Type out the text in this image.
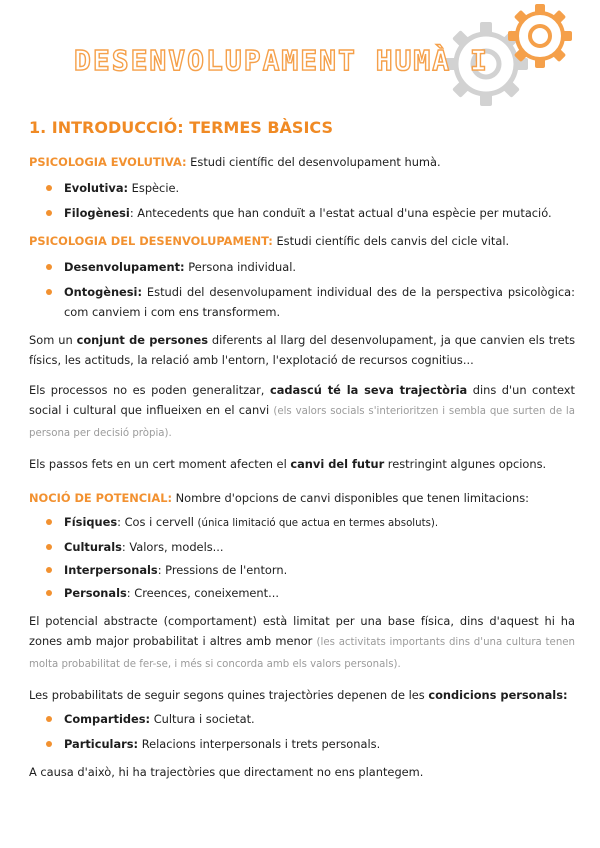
DESENVOLUPAMENT HUMÀ I
1. INTRODUCCIÓ: TERMES BÀSICS

PSICOLOGIA EVOLUTIVA: Estudi científic del desenvolupament humà.

Evolutiva: Espècie.
Filogènesi: Antecedents que han conduït a l'estat actual d'una espècie per mutació.

PSICOLOGIA DEL DESENVOLUPAMENT: Estudi científic dels canvis del cicle vital.

Desenvolupament: Persona individual.
Ontogènesi: Estudi del desenvolupament individual des de la perspectiva psicològica: com canviem i com ens transformem.

Som un conjunt de persones diferents al llarg del desenvolupament, ja que canvien els trets físics, les actituds, la relació amb l'entorn, l'explotació de recursos cognitius...

Els processos no es poden generalitzar, cadascú té la seva trajectòria dins d'un context social i cultural que influeixen en el canvi (els valors socials s'interioritzen i sembla que surten de la persona per decisió pròpia).

Els passos fets en un cert moment afecten el canvi del futur restringint algunes opcions.

NOCIÓ DE POTENCIAL: Nombre d'opcions de canvi disponibles que tenen limitacions:

Físiques: Cos i cervell (única limitació que actua en termes absoluts).
Culturals: Valors, models...
Interpersonals: Pressions de l'entorn.
Personals: Creences, coneixement...

El potencial abstracte (comportament) està limitat per una base física, dins d'aquest hi ha zones amb major probabilitat i altres amb menor (les activitats importants dins d'una cultura tenen molta probabilitat de fer-se, i més si concorda amb els valors personals).

Les probabilitats de seguir segons quines trajectòries depenen de les condicions personals:

Compartides: Cultura i societat.
Particulars: Relacions interpersonals i trets personals.

A causa d'això, hi ha trajectòries que directament no ens plantegem.
